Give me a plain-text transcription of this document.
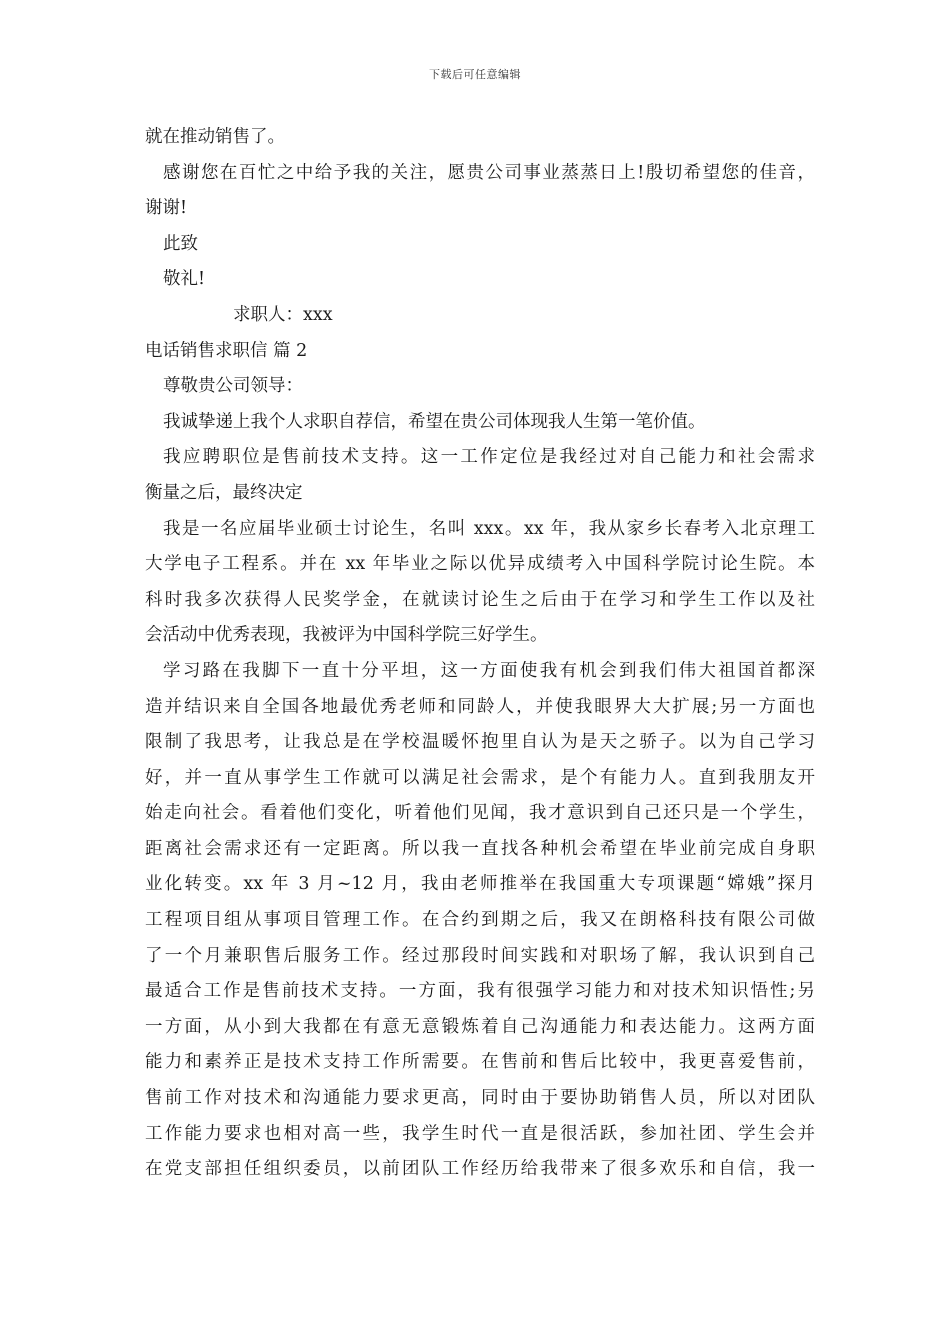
下载后可任意编辑
就在推动销售了。
感谢您在百忙之中给予我的关注，愿贵公司事业蒸蒸日上!殷切希望您的佳音，
谢谢!
此致
敬礼!
求职人：xxx
电话销售求职信 篇 2
尊敬贵公司领导：
我诚挚递上我个人求职自荐信，希望在贵公司体现我人生第一笔价值。
我应聘职位是售前技术支持。这一工作定位是我经过对自己能力和社会需求
衡量之后，最终决定
我是一名应届毕业硕士讨论生，名叫 xxx。xx 年，我从家乡长春考入北京理工
大学电子工程系。并在 xx 年毕业之际以优异成绩考入中国科学院讨论生院。本
科时我多次获得人民奖学金，在就读讨论生之后由于在学习和学生工作以及社
会活动中优秀表现，我被评为中国科学院三好学生。
学习路在我脚下一直十分平坦，这一方面使我有机会到我们伟大祖国首都深
造并结识来自全国各地最优秀老师和同龄人，并使我眼界大大扩展;另一方面也
限制了我思考，让我总是在学校温暖怀抱里自认为是天之骄子。以为自己学习
好，并一直从事学生工作就可以满足社会需求，是个有能力人。直到我朋友开
始走向社会。看着他们变化，听着他们见闻，我才意识到自己还只是一个学生，
距离社会需求还有一定距离。所以我一直找各种机会希望在毕业前完成自身职
业化转变。xx 年 3 月~12 月，我由老师推举在我国重大专项课题“嫦娥”探月
工程项目组从事项目管理工作。在合约到期之后，我又在朗格科技有限公司做
了一个月兼职售后服务工作。经过那段时间实践和对职场了解，我认识到自己
最适合工作是售前技术支持。一方面，我有很强学习能力和对技术知识悟性;另
一方面，从小到大我都在有意无意锻炼着自己沟通能力和表达能力。这两方面
能力和素养正是技术支持工作所需要。在售前和售后比较中，我更喜爱售前，
售前工作对技术和沟通能力要求更高，同时由于要协助销售人员，所以对团队
工作能力要求也相对高一些，我学生时代一直是很活跃，参加社团、学生会并
在党支部担任组织委员，以前团队工作经历给我带来了很多欢乐和自信，我一
